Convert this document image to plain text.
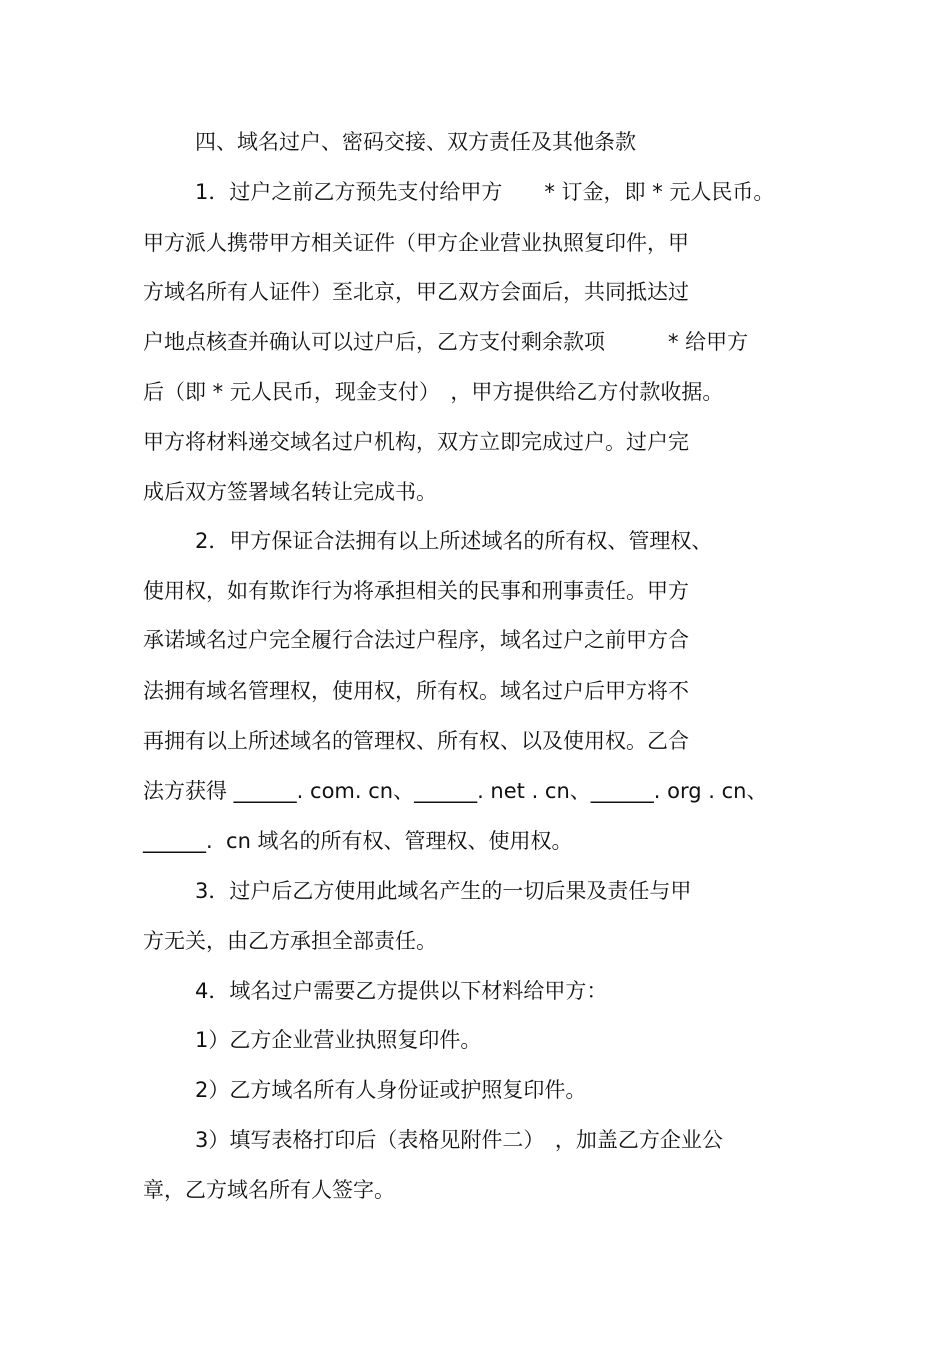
四、域名过户、密码交接、双方责任及其他条款
1．过户之前乙方预先支付给甲方　　* 订金，即 * 元人民币。
甲方派人携带甲方相关证件（甲方企业营业执照复印件，甲
方域名所有人证件）至北京，甲乙双方会面后，共同抵达过
户地点核查并确认可以过户后，乙方支付剩余款项　　　* 给甲方
后（即 * 元人民币，现金支付）　，甲方提供给乙方付款收据。
甲方将材料递交域名过户机构，双方立即完成过户。过户完
成后双方签署域名转让完成书。
2．甲方保证合法拥有以上所述域名的所有权、管理权、
使用权，如有欺诈行为将承担相关的民事和刑事责任。甲方
承诺域名过户完全履行合法过户程序，域名过户之前甲方合
法拥有域名管理权，使用权，所有权。域名过户后甲方将不
再拥有以上所述域名的管理权、所有权、以及使用权。乙合
法方获得 ______. com. cn、______. net . cn、______. org . cn、
______.  cn 域名的所有权、管理权、使用权。
3．过户后乙方使用此域名产生的一切后果及责任与甲
方无关，由乙方承担全部责任。
4．域名过户需要乙方提供以下材料给甲方：
1）乙方企业营业执照复印件。
2）乙方域名所有人身份证或护照复印件。
3）填写表格打印后（表格见附件二）　，加盖乙方企业公
章，乙方域名所有人签字。
